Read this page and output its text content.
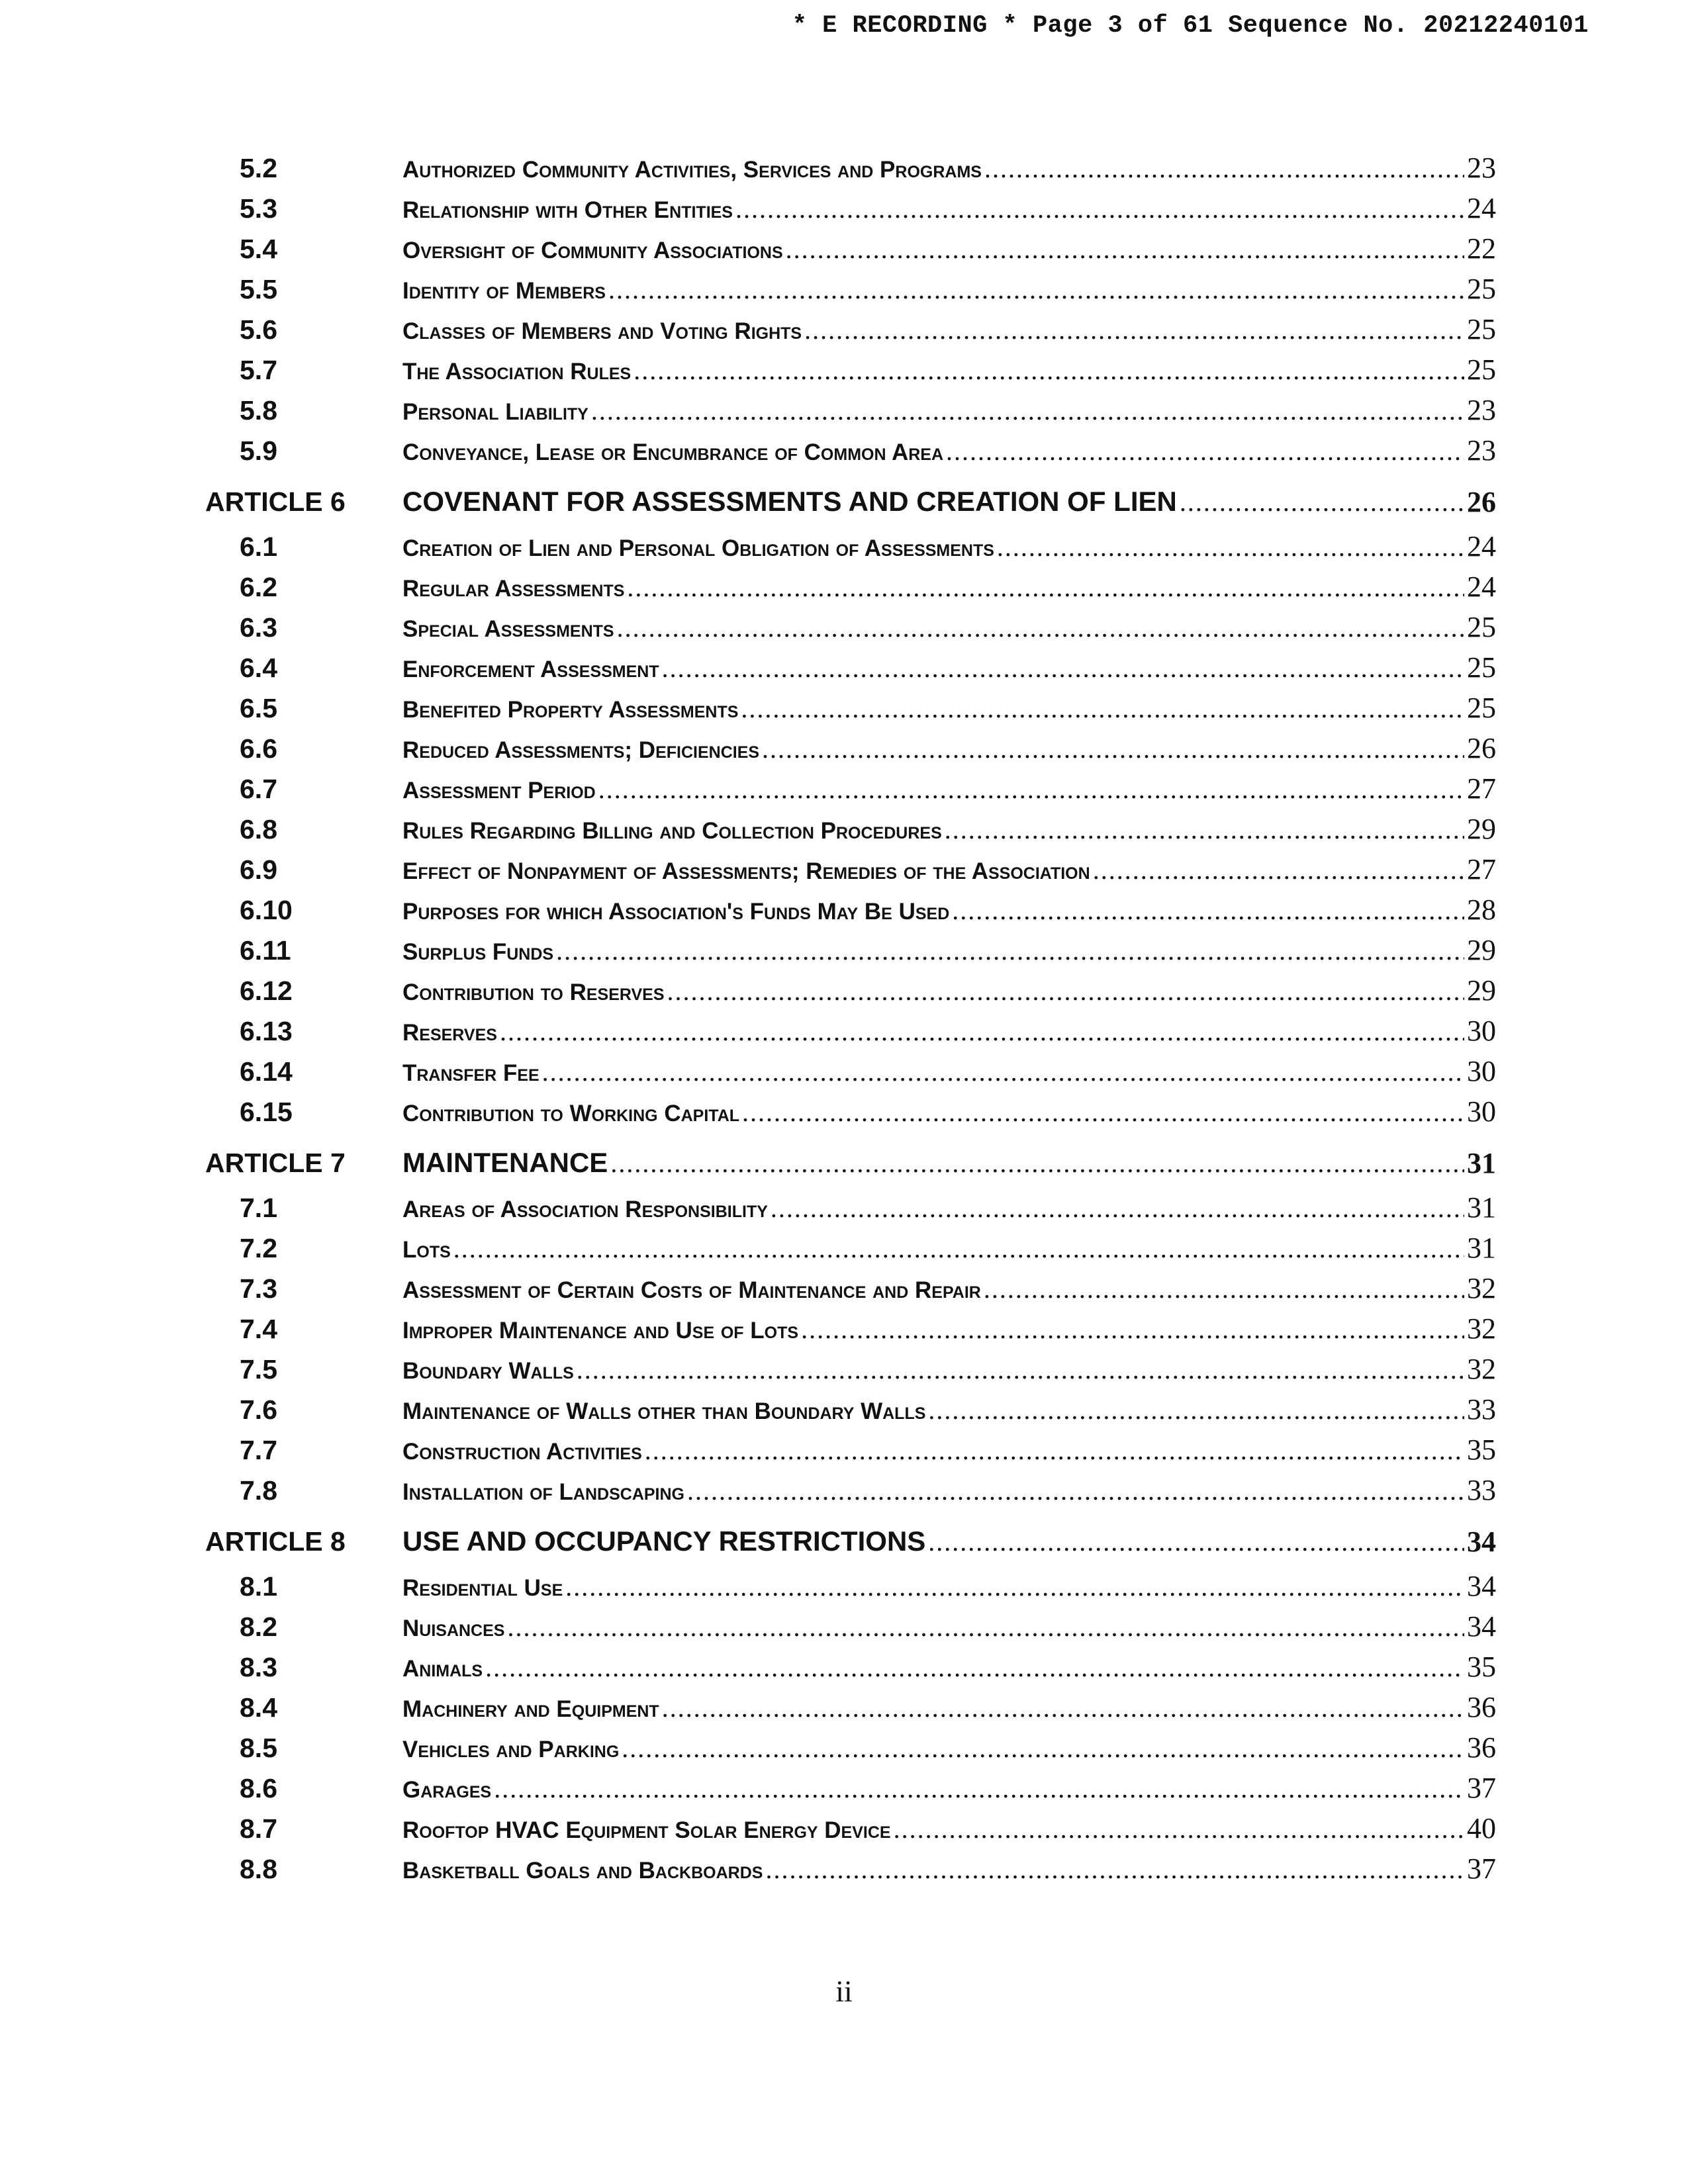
* E RECORDING * Page 3 of 61 Sequence No. 20212240101
5.2	Authorized Community Activities, Services and Programs .....	23
5.3	Relationship with Other Entities .....	24
5.4	Oversight of Community Associations .....	22
5.5	Identity of Members .....	25
5.6	Classes of Members and Voting Rights .....	25
5.7	The Association Rules .....	25
5.8	Personal Liability .....	23
5.9	Conveyance, Lease or Encumbrance of Common Area .....	23
ARTICLE 6	COVENANT FOR ASSESSMENTS AND CREATION OF LIEN .....	26
6.1	Creation of Lien and Personal Obligation of Assessments .....	24
6.2	Regular Assessments .....	24
6.3	Special Assessments .....	25
6.4	Enforcement Assessment .....	25
6.5	Benefited Property Assessments .....	25
6.6	Reduced Assessments; Deficiencies .....	26
6.7	Assessment Period .....	27
6.8	Rules Regarding Billing and Collection Procedures .....	29
6.9	Effect of Nonpayment of Assessments; Remedies of the Association .....	27
6.10	Purposes for which Association's Funds May Be Used .....	28
6.11	Surplus Funds .....	29
6.12	Contribution to Reserves .....	29
6.13	Reserves .....	30
6.14	Transfer Fee .....	30
6.15	Contribution to Working Capital .....	30
ARTICLE 7	MAINTENANCE .....	31
7.1	Areas of Association Responsibility .....	31
7.2	Lots .....	31
7.3	Assessment of Certain Costs of Maintenance and Repair .....	32
7.4	Improper Maintenance and Use of Lots .....	32
7.5	Boundary Walls .....	32
7.6	Maintenance of Walls other than Boundary Walls .....	33
7.7	Construction Activities .....	35
7.8	Installation of Landscaping .....	33
ARTICLE 8	USE AND OCCUPANCY RESTRICTIONS .....	34
8.1	Residential Use .....	34
8.2	Nuisances .....	34
8.3	Animals .....	35
8.4	Machinery and Equipment .....	36
8.5	Vehicles and Parking .....	36
8.6	Garages .....	37
8.7	Rooftop HVAC Equipment Solar Energy Device .....	40
8.8	Basketball Goals and Backboards .....	37
ii
